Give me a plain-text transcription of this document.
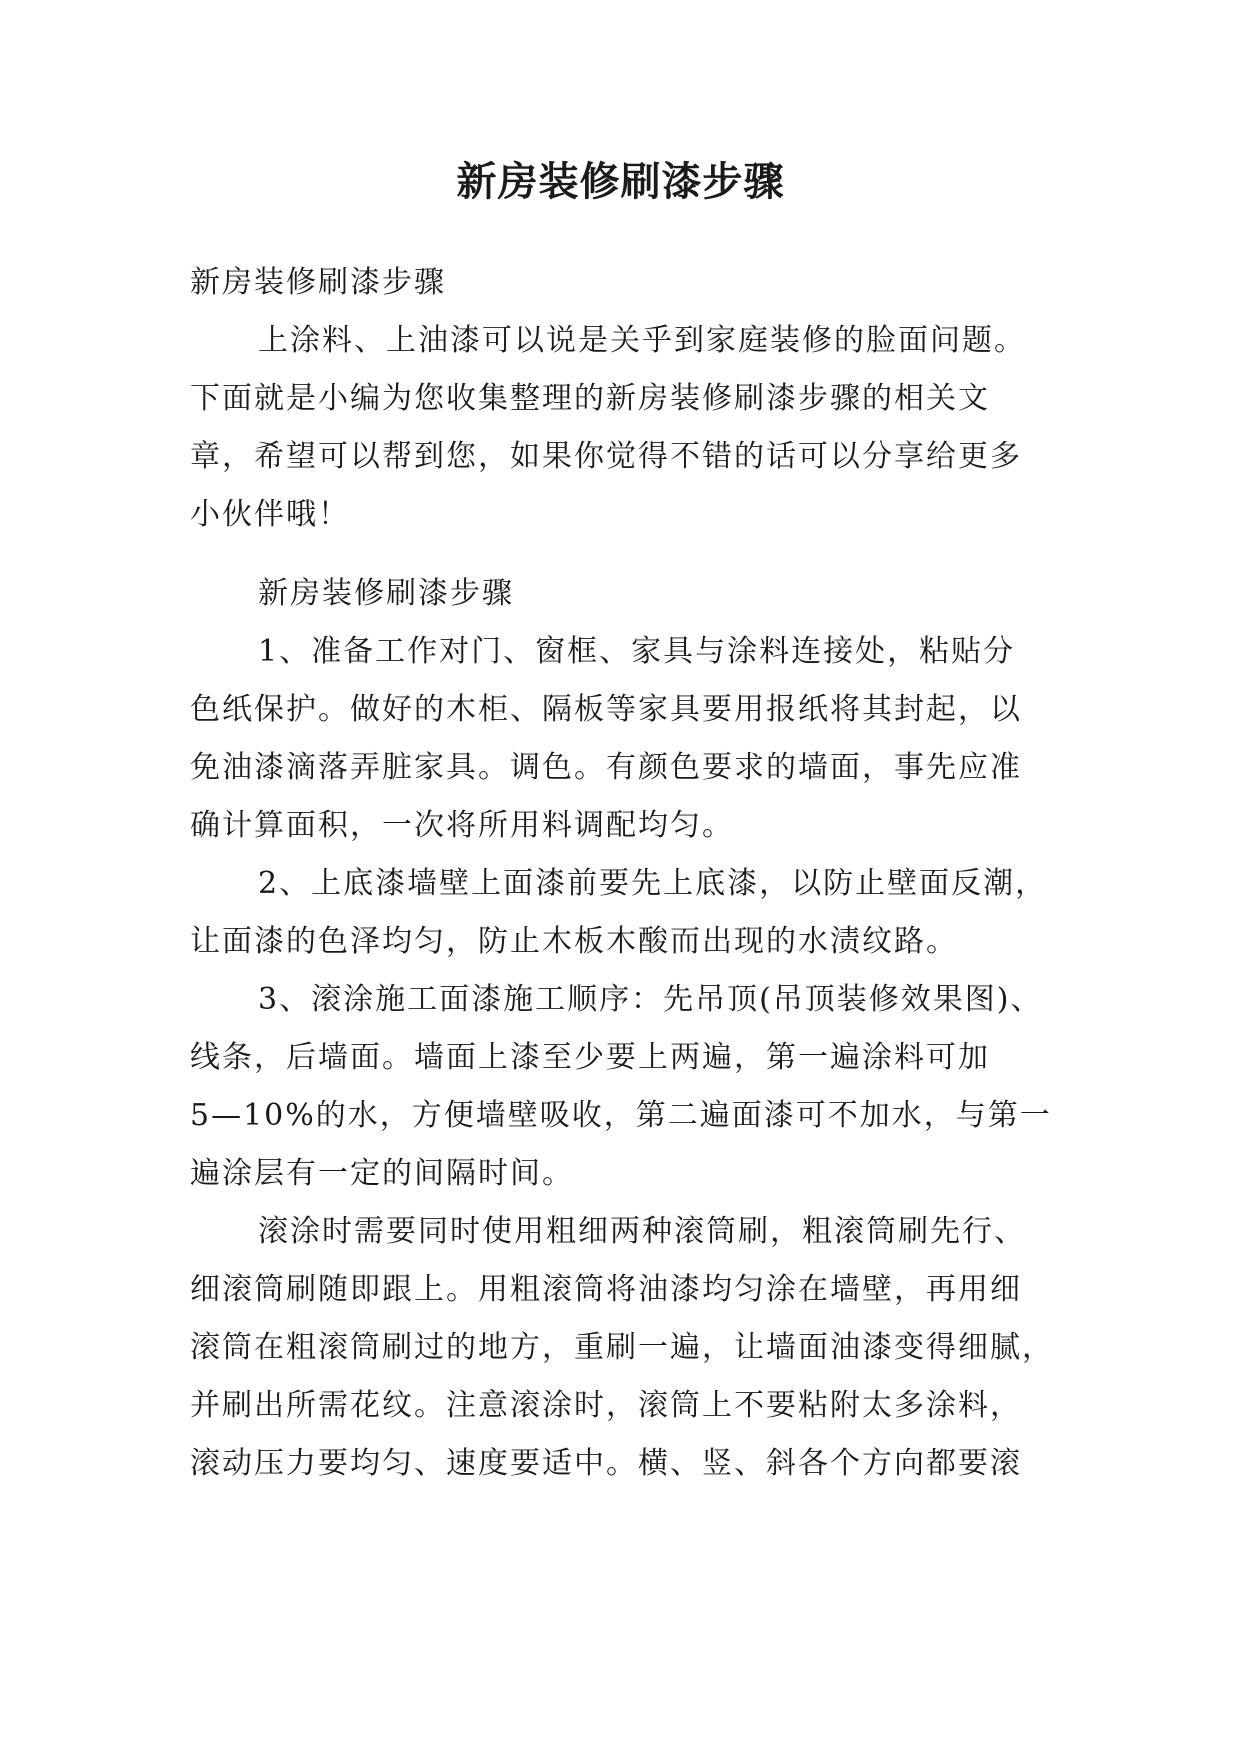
新房装修刷漆步骤
新房装修刷漆步骤
上涂料、上油漆可以说是关乎到家庭装修的脸面问题。
下面就是小编为您收集整理的新房装修刷漆步骤的相关文
章，希望可以帮到您，如果你觉得不错的话可以分享给更多
小伙伴哦！
新房装修刷漆步骤
1、准备工作对门、窗框、家具与涂料连接处，粘贴分
色纸保护。做好的木柜、隔板等家具要用报纸将其封起，以
免油漆滴落弄脏家具。调色。有颜色要求的墙面，事先应准
确计算面积，一次将所用料调配均匀。
2、上底漆墙壁上面漆前要先上底漆，以防止壁面反潮，
让面漆的色泽均匀，防止木板木酸而出现的水渍纹路。
3、滚涂施工面漆施工顺序：先吊顶(吊顶装修效果图)、
线条，后墙面。墙面上漆至少要上两遍，第一遍涂料可加
5—10%的水，方便墙壁吸收，第二遍面漆可不加水，与第一
遍涂层有一定的间隔时间。
滚涂时需要同时使用粗细两种滚筒刷，粗滚筒刷先行、
细滚筒刷随即跟上。用粗滚筒将油漆均匀涂在墙壁，再用细
滚筒在粗滚筒刷过的地方，重刷一遍，让墙面油漆变得细腻，
并刷出所需花纹。注意滚涂时，滚筒上不要粘附太多涂料，
滚动压力要均匀、速度要适中。横、竖、斜各个方向都要滚
